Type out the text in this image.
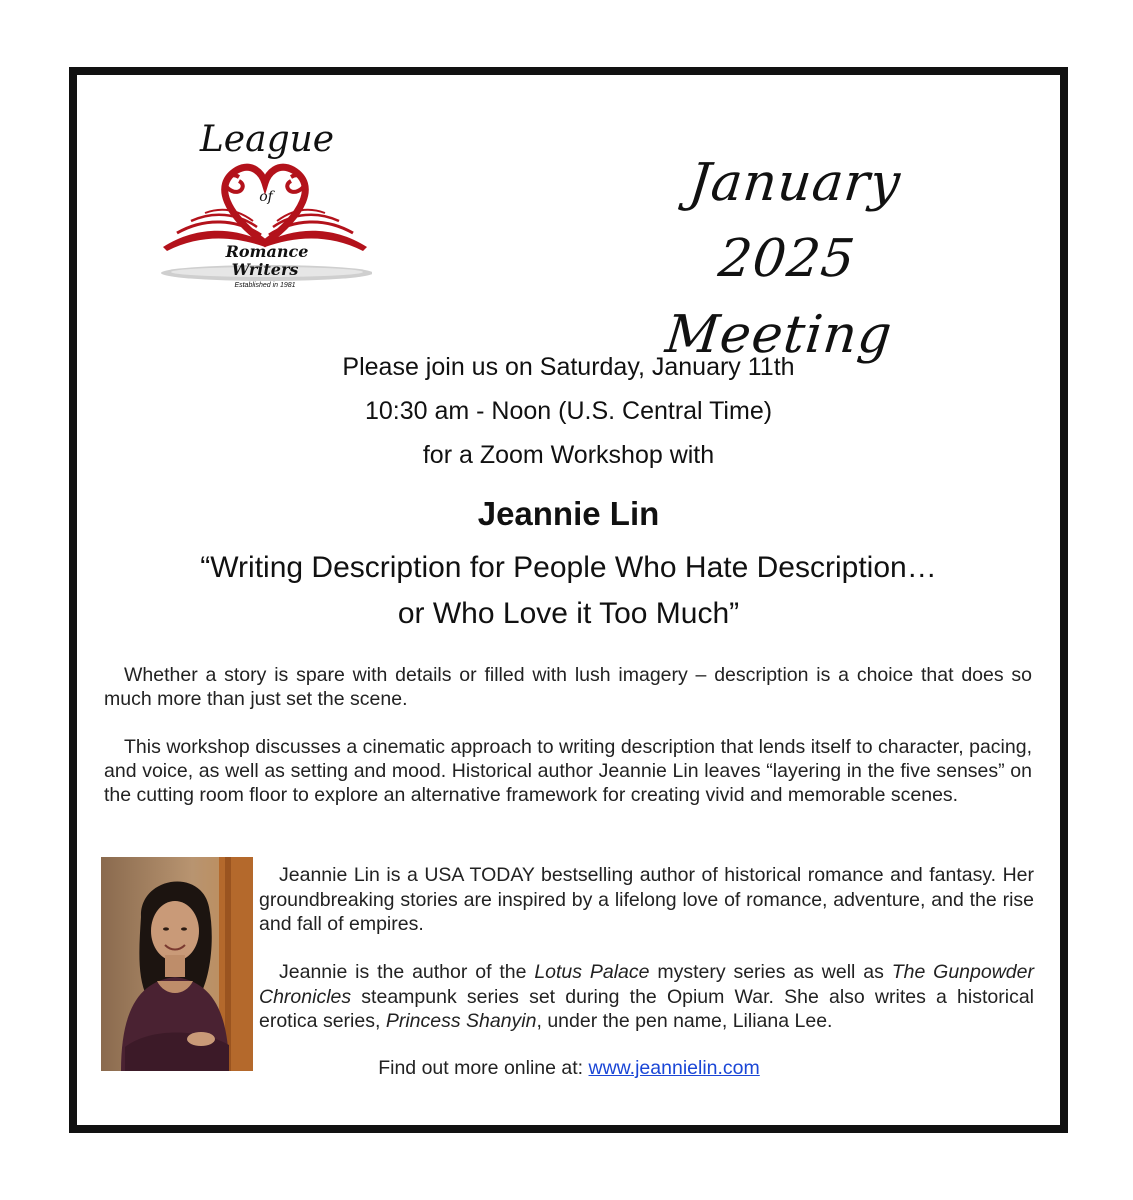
League
of
Romance
Writers
Established in 1981
January 2025
Meeting
Please join us on Saturday, January 11th
10:30 am - Noon (U.S. Central Time)
for a Zoom Workshop with
Jeannie Lin
“Writing Description for People Who Hate Description…
or Who Love it Too Much”

Whether a story is spare with details or filled with lush imagery – description is a choice that does so much more than just set the scene.

This workshop discusses a cinematic approach to writing description that lends itself to character, pacing, and voice, as well as setting and mood. Historical author Jeannie Lin leaves “layering in the five senses” on the cutting room floor to explore an alternative framework for creating vivid and memorable scenes.

Jeannie Lin is a USA TODAY bestselling author of historical romance and fantasy. Her groundbreaking stories are inspired by a lifelong love of romance, adventure, and the rise and fall of empires.

Jeannie is the author of the Lotus Palace mystery series as well as The Gunpowder Chronicles steampunk series set during the Opium War. She also writes a historical erotica series, Princess Shanyin, under the pen name, Liliana Lee.

Find out more online at: www.jeannielin.com
